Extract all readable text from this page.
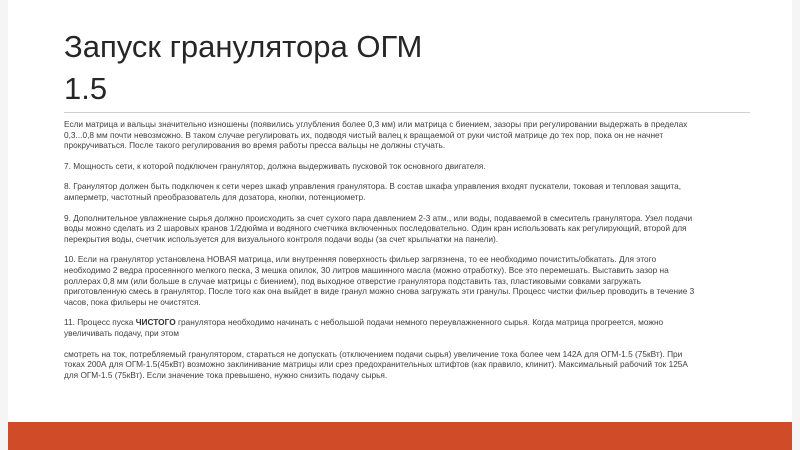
Запуск гранулятора ОГМ
1.5

Если матрица и вальцы значительно изношены (появились углубления более 0,3 мм) или матрица с биением, зазоры при регулировании выдержать в пределах 0,3...0,8 мм почти невозможно. В таком случае регулировать их, подводя чистый валец к вращаемой от руки чистой матрице до тех пор, пока он не начнет прокручиваться. После такого регулирования во время работы пресса вальцы не должны стучать.

7. Мощность сети, к которой подключен гранулятор, должна выдерживать пусковой ток основного двигателя.

8. Гранулятор должен быть подключен к сети через шкаф управления гранулятора. В состав шкафа управления входят пускатели, токовая и тепловая защита, амперметр, частотный преобразователь для дозатора, кнопки, потенциометр.

9. Дополнительное увлажнение сырья должно происходить за счет сухого пара давлением 2-3 атм., или воды, подаваемой в смеситель гранулятора. Узел подачи воды можно сделать из 2 шаровых кранов 1/2дюйма и водяного счетчика включенных последовательно. Один кран использовать как регулирующий, второй для перекрытия воды, счетчик используется для визуального контроля подачи воды (за счет крыльчатки на панели).

10. Если на гранулятор установлена НОВАЯ матрица, или внутренняя поверхность фильер загрязнена, то ее необходимо почистить/обкатать. Для этого необходимо 2 ведра просеянного мелкого песка, 3 мешка опилок, 30 литров машинного масла (можно отработку). Все это перемешать. Выставить зазор на роллерах 0,8 мм (или больше в случае матрицы с биением), под выходное отверстие гранулятора подставить таз, пластиковыми совками загружать приготовленную смесь в гранулятор. После того как она выйдет в виде гранул можно снова загружать эти гранулы. Процесс чистки фильер проводить в течение 3 часов, пока фильеры не очистятся.

11. Процесс пуска ЧИСТОГО гранулятора необходимо начинать с небольшой подачи немного переувлажненного сырья. Когда матрица прогреется, можно увеличивать подачу, при этом

смотреть на ток, потребляемый гранулятором, стараться не допускать (отключением подачи сырья) увеличение тока более чем 142А для ОГМ-1.5 (75кВт). При токах 200А для ОГМ-1.5(45кВт) возможно заклинивание матрицы или срез предохранительных штифтов (как правило, клинит). Максимальный рабочий ток 125А для ОГМ-1.5 (75кВт). Если значение тока превышено, нужно снизить подачу сырья.
